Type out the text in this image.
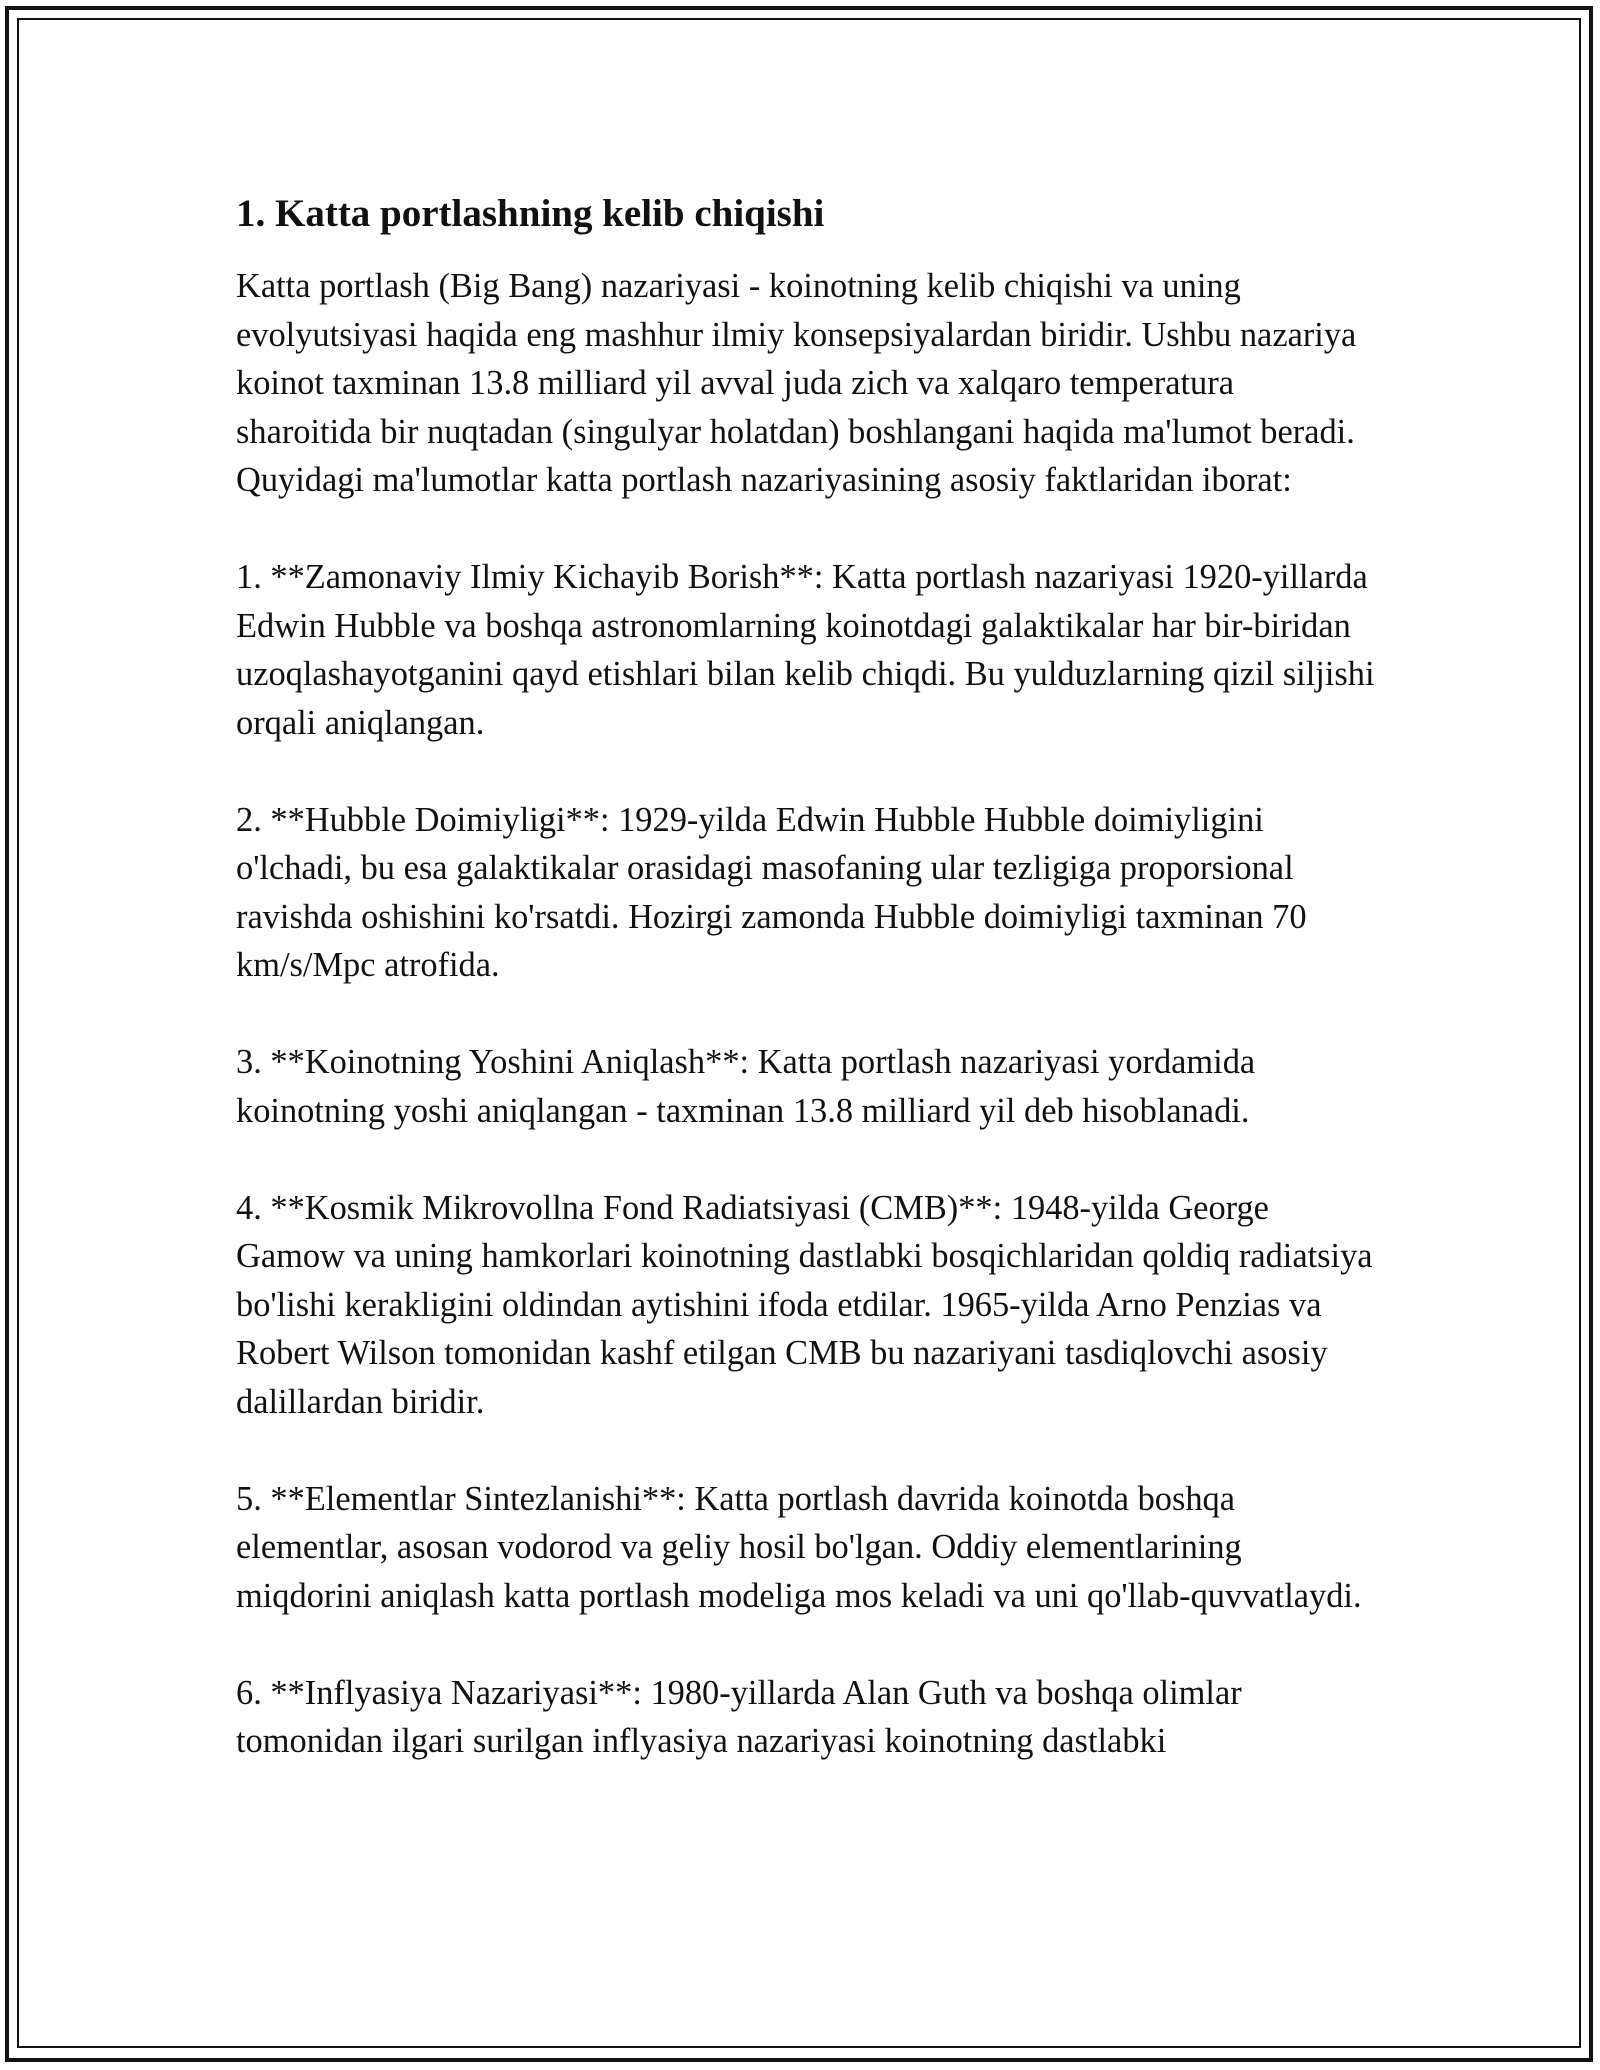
1. Katta portlashning kelib chiqishi

Katta portlash (Big Bang) nazariyasi - koinotning kelib chiqishi va uning evolyutsiyasi haqida eng mashhur ilmiy konsepsiyalardan biridir. Ushbu nazariya koinot taxminan 13.8 milliard yil avval juda zich va xalqaro temperatura sharoitida bir nuqtadan (singulyar holatdan) boshlangani haqida ma'lumot beradi. Quyidagi ma'lumotlar katta portlash nazariyasining asosiy faktlaridan iborat:

1. **Zamonaviy Ilmiy Kichayib Borish**: Katta portlash nazariyasi 1920-yillarda Edwin Hubble va boshqa astronomlarning koinotdagi galaktikalar har bir-biridan uzoqlashayotganini qayd etishlari bilan kelib chiqdi. Bu yulduzlarning qizil siljishi orqali aniqlangan.

2. **Hubble Doimiyligi**: 1929-yilda Edwin Hubble Hubble doimiyligini o'lchadi, bu esa galaktikalar orasidagi masofaning ular tezligiga proporsional ravishda oshishini ko'rsatdi. Hozirgi zamonda Hubble doimiyligi taxminan 70 km/s/Mpc atrofida.

3. **Koinotning Yoshini Aniqlash**: Katta portlash nazariyasi yordamida koinotning yoshi aniqlangan - taxminan 13.8 milliard yil deb hisoblanadi.

4. **Kosmik Mikrovollna Fond Radiatsiyasi (CMB)**: 1948-yilda George Gamow va uning hamkorlari koinotning dastlabki bosqichlaridan qoldiq radiatsiya bo'lishi kerakligini oldindan aytishini ifoda etdilar. 1965-yilda Arno Penzias va Robert Wilson tomonidan kashf etilgan CMB bu nazariyani tasdiqlovchi asosiy dalillardan biridir.

5. **Elementlar Sintezlanishi**: Katta portlash davrida koinotda boshqa elementlar, asosan vodorod va geliy hosil bo'lgan. Oddiy elementlarining miqdorini aniqlash katta portlash modeliga mos keladi va uni qo'llab-quvvatlaydi.

6. **Inflyasiya Nazariyasi**: 1980-yillarda Alan Guth va boshqa olimlar tomonidan ilgari surilgan inflyasiya nazariyasi koinotning dastlabki
